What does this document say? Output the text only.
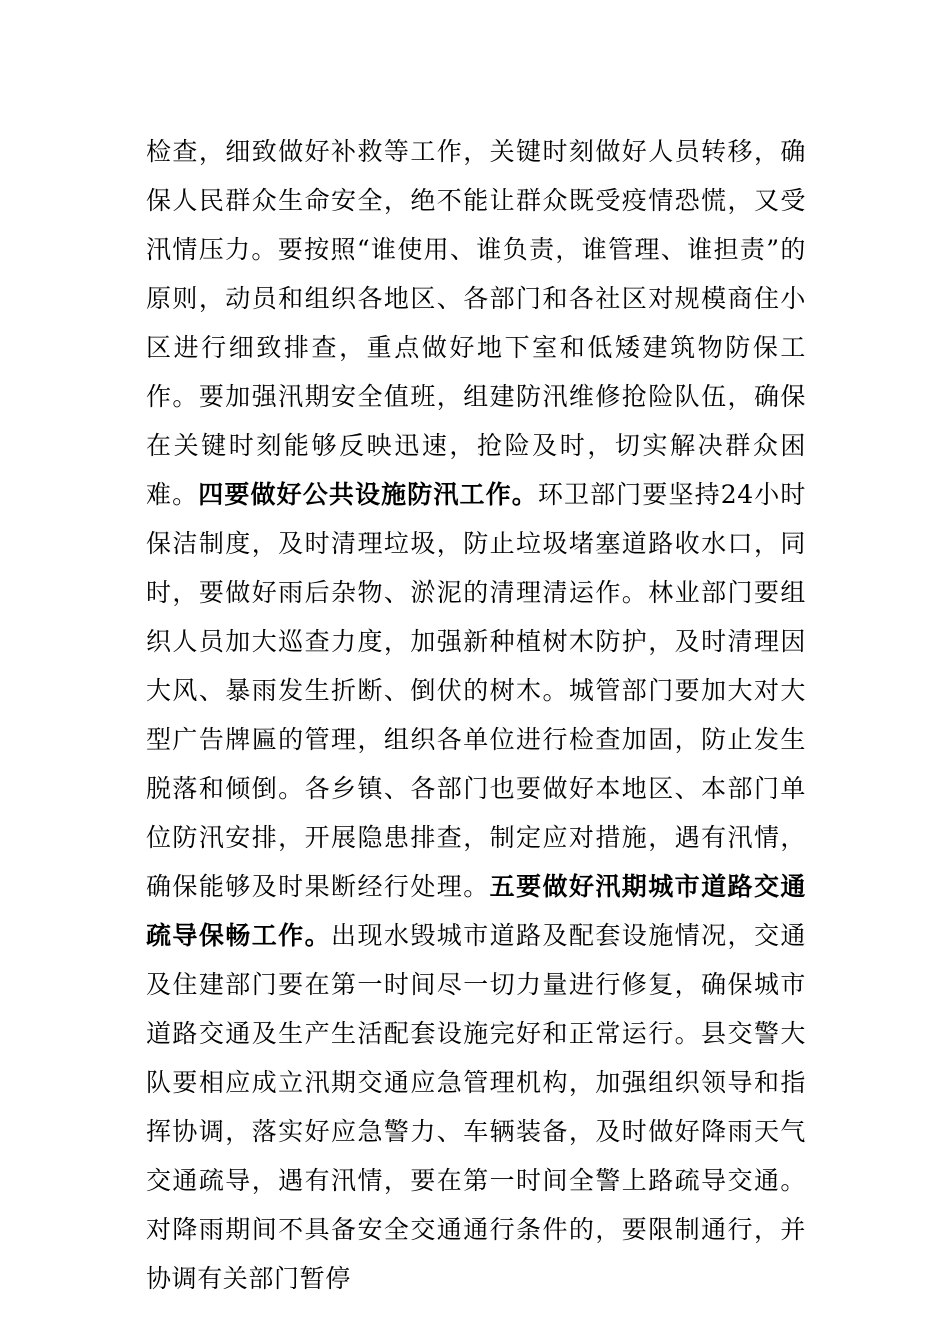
检查，细致做好补救等工作，关键时刻做好人员转移，确保人民群众生命安全，绝不能让群众既受疫情恐慌，又受汛情压力。要按照“谁使用、谁负责，谁管理、谁担责”的原则，动员和组织各地区、各部门和各社区对规模商住小区进行细致排查，重点做好地下室和低矮建筑物防保工作。要加强汛期安全值班，组建防汛维修抢险队伍，确保在关键时刻能够反映迅速，抢险及时，切实解决群众困难。四要做好公共设施防汛工作。环卫部门要坚持24小时保洁制度，及时清理垃圾，防止垃圾堵塞道路收水口，同时，要做好雨后杂物、淤泥的清理清运作。林业部门要组织人员加大巡查力度，加强新种植树木防护，及时清理因大风、暴雨发生折断、倒伏的树木。城管部门要加大对大型广告牌匾的管理，组织各单位进行检查加固，防止发生脱落和倾倒。各乡镇、各部门也要做好本地区、本部门单位防汛安排，开展隐患排查，制定应对措施，遇有汛情，确保能够及时果断经行处理。五要做好汛期城市道路交通疏导保畅工作。出现水毁城市道路及配套设施情况，交通及住建部门要在第一时间尽一切力量进行修复，确保城市道路交通及生产生活配套设施完好和正常运行。县交警大队要相应成立汛期交通应急管理机构，加强组织领导和指挥协调，落实好应急警力、车辆装备，及时做好降雨天气交通疏导，遇有汛情，要在第一时间全警上路疏导交通。对降雨期间不具备安全交通通行条件的，要限制通行，并协调有关部门暂停
